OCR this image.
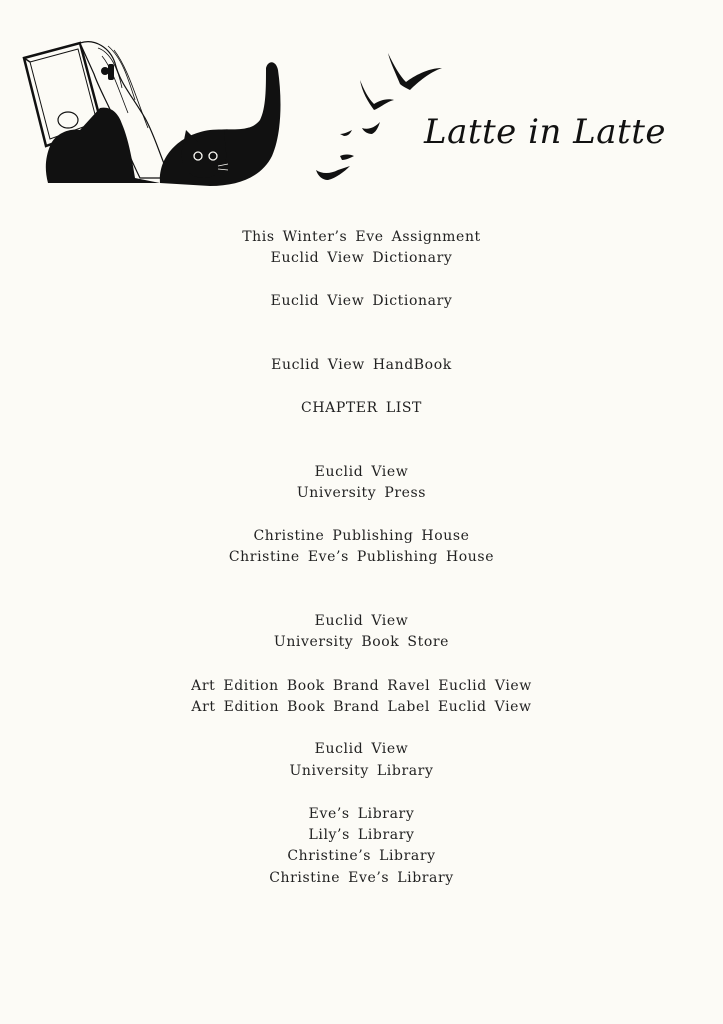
Latte in Latte
This Winter’s Eve Assignment
Euclid View Dictionary
Euclid View Dictionary
Euclid View HandBook
CHAPTER LIST
Euclid View
University Press
Christine Publishing House
Christine Eve’s Publishing House
Euclid View
University Book Store
Art Edition Book Brand Ravel Euclid View
Art Edition Book Brand Label Euclid View
Euclid View
University Library
Eve’s Library
Lily’s Library
Christine’s Library
Christine Eve’s Library
